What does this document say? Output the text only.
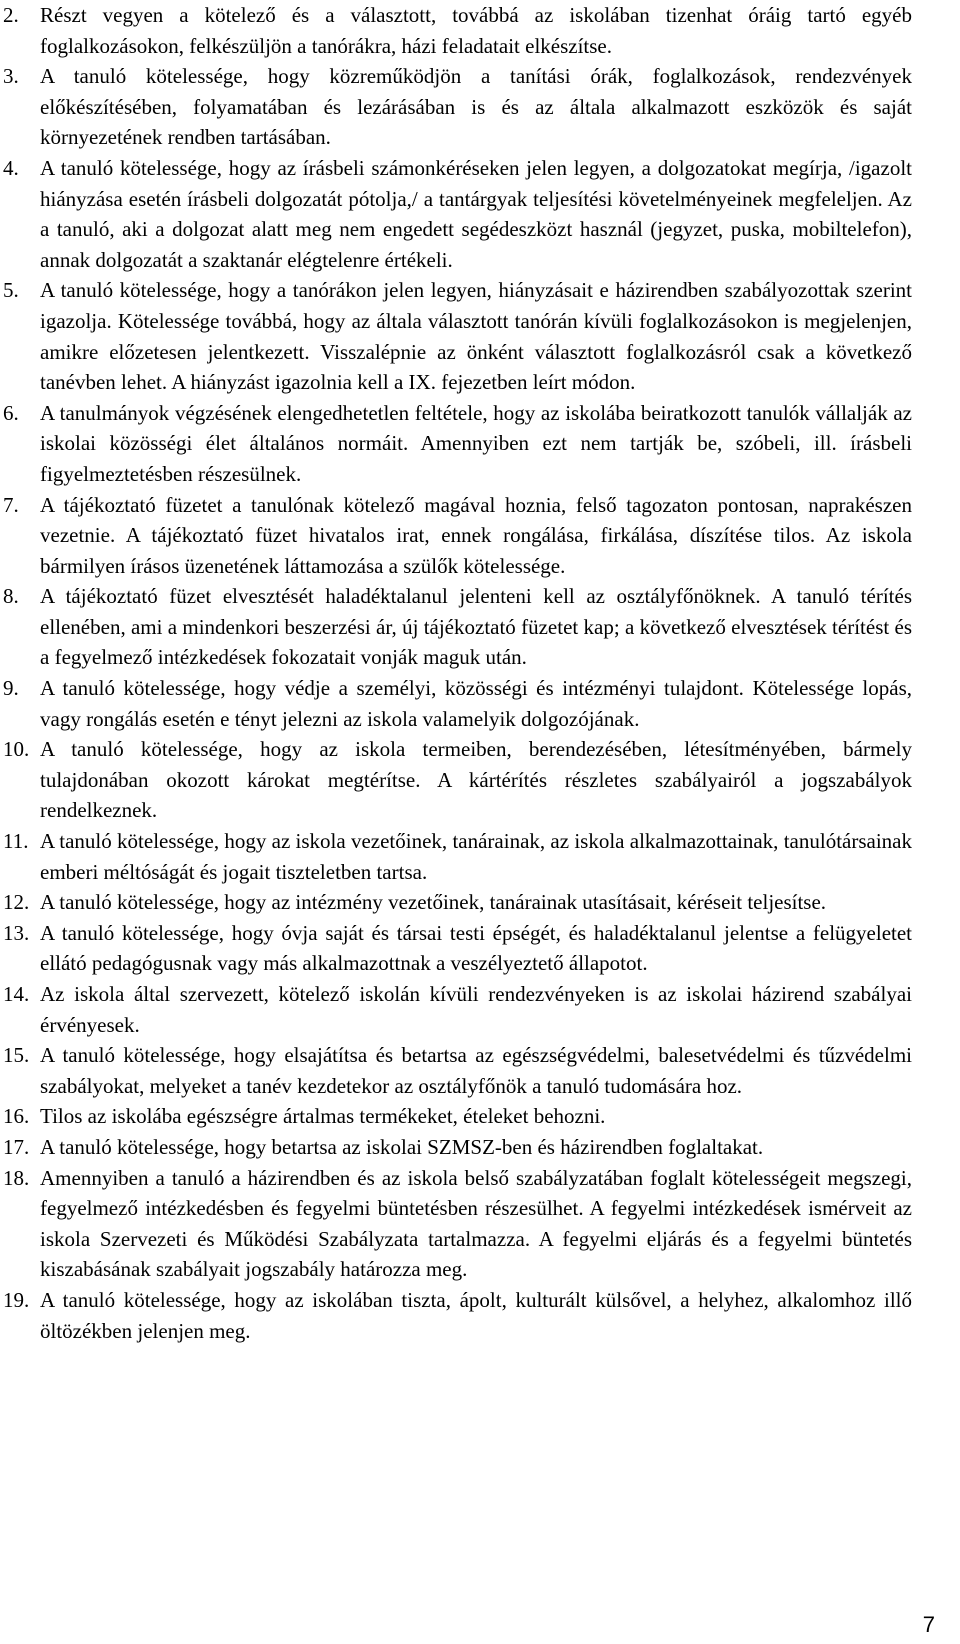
2. Részt vegyen a kötelező és a választott, továbbá az iskolában tizenhat óráig tartó egyéb foglalkozásokon, felkészüljön a tanórákra, házi feladatait elkészítse.
3. A tanuló kötelessége, hogy közreműködjön a tanítási órák, foglalkozások, rendezvények előkészítésében, folyamatában és lezárásában is és az általa alkalmazott eszközök és saját környezetének rendben tartásában.
4. A tanuló kötelessége, hogy az írásbeli számonkéréseken jelen legyen, a dolgozatokat megírja, /igazolt hiányzása esetén írásbeli dolgozatát pótolja,/ a tantárgyak teljesítési követelményeinek megfeleljen. Az a tanuló, aki a dolgozat alatt meg nem engedett segédeszközt használ (jegyzet, puska, mobiltelefon), annak dolgozatát a szaktanár elégtelenre értékeli.
5. A tanuló kötelessége, hogy a tanórákon jelen legyen, hiányzásait e házirendben szabályozottak szerint igazolja. Kötelessége továbbá, hogy az általa választott tanórán kívüli foglalkozásokon is megjelenjen, amikre előzetesen jelentkezett. Visszalépnie az önként választott foglalkozásról csak a következő tanévben lehet. A hiányzást igazolnia kell a IX. fejezetben leírt módon.
6. A tanulmányok végzésének elengedhetetlen feltétele, hogy az iskolába beiratkozott tanulók vállalják az iskolai közösségi élet általános normáit. Amennyiben ezt nem tartják be, szóbeli, ill. írásbeli figyelmeztetésben részesülnek.
7. A tájékoztató füzetet a tanulónak kötelező magával hoznia, felső tagozaton pontosan, naprakészen vezetnie. A tájékoztató füzet hivatalos irat, ennek rongálása, firkálása, díszítése tilos. Az iskola bármilyen írásos üzenetének láttamozása a szülők kötelessége.
8. A tájékoztató füzet elvesztését haladéktalanul jelenteni kell az osztályfőnöknek. A tanuló térítés ellenében, ami a mindenkori beszerzési ár, új tájékoztató füzetet kap; a következő elvesztések térítést és a fegyelmező intézkedések fokozatait vonják maguk után.
9. A tanuló kötelessége, hogy védje a személyi, közösségi és intézményi tulajdont. Kötelessége lopás, vagy rongálás esetén e tényt jelezni az iskola valamelyik dolgozójának.
10. A tanuló kötelessége, hogy az iskola termeiben, berendezésében, létesítményében, bármely tulajdonában okozott károkat megtérítse. A kártérítés részletes szabályairól a jogszabályok rendelkeznek.
11. A tanuló kötelessége, hogy az iskola vezetőinek, tanárainak, az iskola alkalmazottainak, tanulótársainak emberi méltóságát és jogait tiszteletben tartsa.
12. A tanuló kötelessége, hogy az intézmény vezetőinek, tanárainak utasításait, kéréseit teljesítse.
13. A tanuló kötelessége, hogy óvja saját és társai testi épségét, és haladéktalanul jelentse a felügyeletet ellátó pedagógusnak vagy más alkalmazottnak a veszélyeztető állapotot.
14. Az iskola által szervezett, kötelező iskolán kívüli rendezvényeken is az iskolai házirend szabályai érvényesek.
15. A tanuló kötelessége, hogy elsajátítsa és betartsa az egészségvédelmi, balesetvédelmi és tűzvédelmi szabályokat, melyeket a tanév kezdetekor az osztályfőnök a tanuló tudomására hoz.
16. Tilos az iskolába egészségre ártalmas termékeket, ételeket behozni.
17. A tanuló kötelessége, hogy betartsa az iskolai SZMSZ-ben és házirendben foglaltakat.
18. Amennyiben a tanuló a házirendben és az iskola belső szabályzatában foglalt kötelességeit megszegi, fegyelmező intézkedésben és fegyelmi büntetésben részesülhet. A fegyelmi intézkedések ismérveit az iskola Szervezeti és Működési Szabályzata tartalmazza. A fegyelmi eljárás és a fegyelmi büntetés kiszabásának szabályait jogszabály határozza meg.
19. A tanuló kötelessége, hogy az iskolában tiszta, ápolt, kulturált külsővel, a helyhez, alkalomhoz illő öltözékben jelenjen meg.
7
